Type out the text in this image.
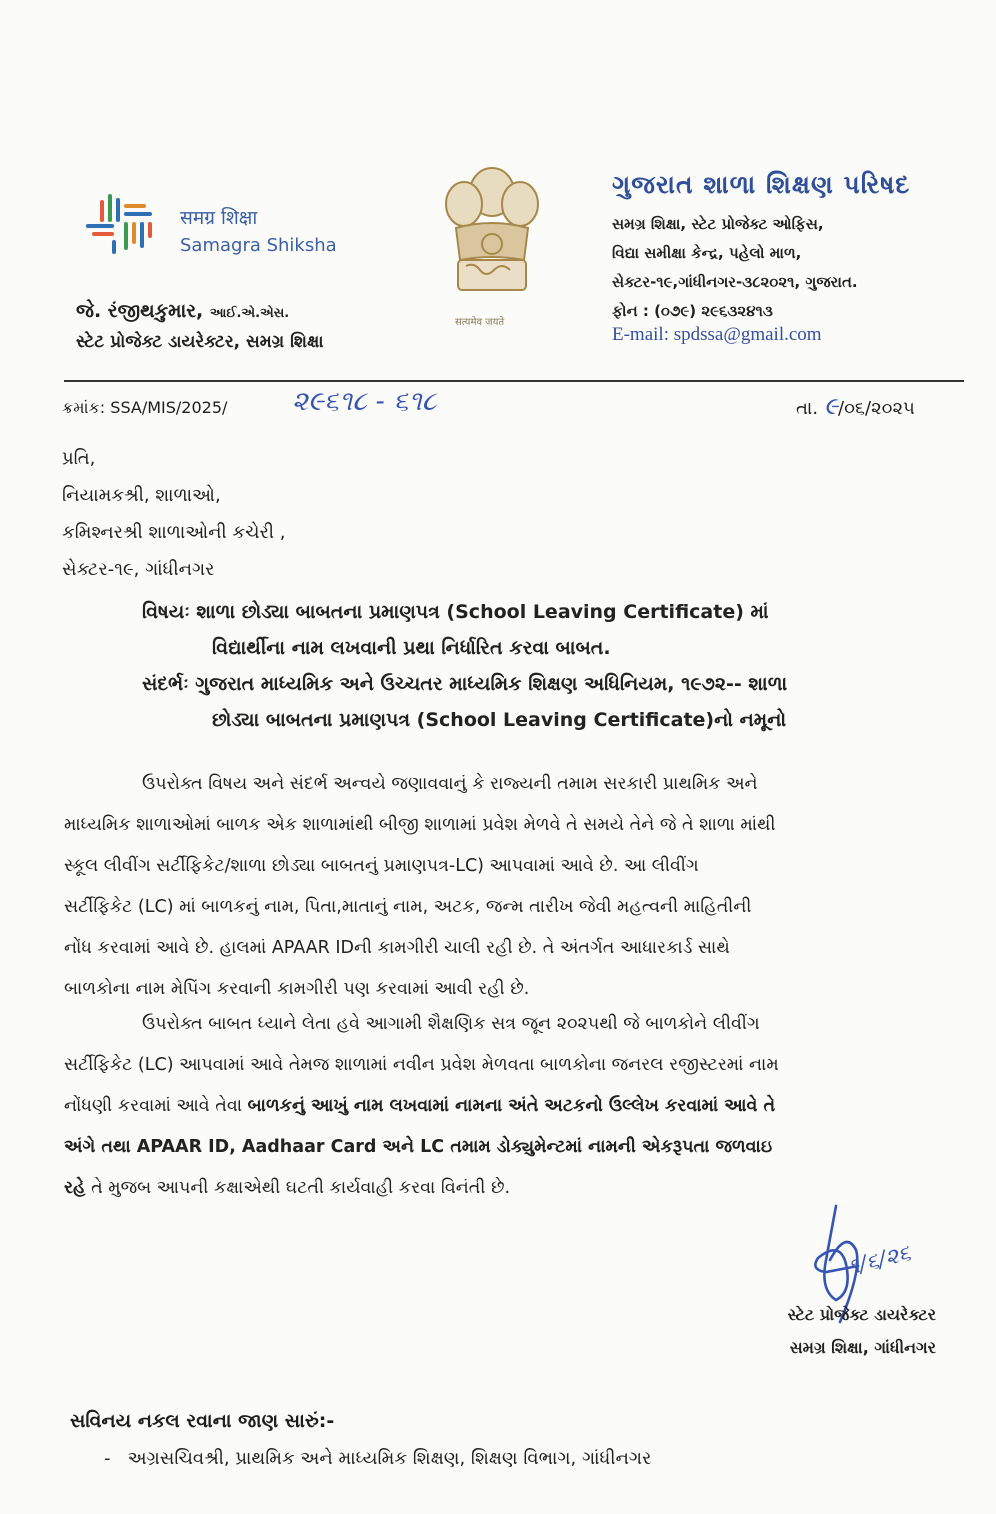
समग्र शिक्षा
Samagra Shiksha
જે. રંજીથકુમાર, આઈ.એ.એસ.
સ્ટેટ પ્રોજેક્ટ ડાયરેક્ટર, સમગ્ર શિક્ષા
सत्यमेव जयते
ગુજરાત શાળા શિક્ષણ પરિષદ
સમગ્ર શિક્ષા, સ્ટેટ પ્રોજેક્ટ ઓફિસ,
વિદ્યા સમીક્ષા કેન્દ્ર, પહેલો માળ,
સેક્ટર-૧૯,ગાંધીનગર-૩૮૨૦૨૧, ગુજરાત.
ફોન : (૦૭૯) ૨૯૬૩૨૪૧૩
E-mail: spdssa@gmail.com
ક્રમાંક: SSA/MIS/2025/ ૨૯૬૧૮ - ૬૧૮	તા. ૯/૦૬/૨૦૨૫
પ્રતિ,
નિયામકશ્રી, શાળાઓ,
કમિશ્નરશ્રી શાળાઓની કચેરી ,
સેક્ટર-૧૯, ગાંધીનગર
વિષયઃ શાળા છોડ્યા બાબતના પ્રમાણપત્ર (School Leaving Certificate) માં
વિદ્યાર્થીના નામ લખવાની પ્રથા નિર્ધારિત કરવા બાબત.
સંદર્ભઃ ગુજરાત માધ્યમિક અને ઉચ્ચતર માધ્યમિક શિક્ષણ અધિનિયમ, ૧૯૭૨-- શાળા
છોડ્યા બાબતના પ્રમાણપત્ર (School Leaving Certificate)નો નમૂનો
ઉપરોક્ત વિષય અને સંદર્ભ અન્વયે જણાવવાનું કે રાજ્યની તમામ સરકારી પ્રાથમિક અને
માધ્યમિક શાળાઓમાં બાળક એક શાળામાંથી બીજી શાળામાં પ્રવેશ મેળવે તે સમયે તેને જે તે શાળા માંથી
સ્કૂલ લીવીંગ સર્ટીફિકેટ/શાળા છોડ્યા બાબતનું પ્રમાણપત્ર-LC) આપવામાં આવે છે. આ લીવીંગ
સર્ટીફિકેટ (LC) માં બાળકનું નામ, પિતા,માતાનું નામ, અટક, જન્મ તારીખ જેવી મહત્વની માહિતીની
નોંધ કરવામાં આવે છે. હાલમાં APAAR IDની કામગીરી ચાલી રહી છે. તે અંતર્ગત આધારકાર્ડ સાથે
બાળકોના નામ મેપિંગ કરવાની કામગીરી પણ કરવામાં આવી રહી છે.
ઉપરોક્ત બાબત ધ્યાને લેતા હવે આગામી શૈક્ષણિક સત્ર જૂન ૨૦૨૫થી જે બાળકોને લીવીંગ
સર્ટીફિકેટ (LC) આપવામાં આવે તેમજ શાળામાં નવીન પ્રવેશ મેળવતા બાળકોના જનરલ રજીસ્ટરમાં નામ
નોંધણી કરવામાં આવે તેવા બાળકનું આખું નામ લખવામાં નામના અંતે અટકનો ઉલ્લેખ કરવામાં આવે તે
અંગે તથા APAAR ID, Aadhaar Card અને LC તમામ ડોક્યુમેન્ટમાં નામની એકરૂપતા જળવાઇ
રહે તે મુજબ આપની કક્ષાએથી ઘટતી કાર્યવાહી કરવા વિનંતી છે.
૧/૬/૨૬
સ્ટેટ પ્રોજેક્ટ ડાયરેક્ટર
સમગ્ર શિક્ષા, ગાંધીનગર
સવિનય નકલ રવાના જાણ સારું:-
-   અગ્રસચિવશ્રી, પ્રાથમિક અને માધ્યમિક શિક્ષણ, શિક્ષણ વિભાગ, ગાંધીનગર
